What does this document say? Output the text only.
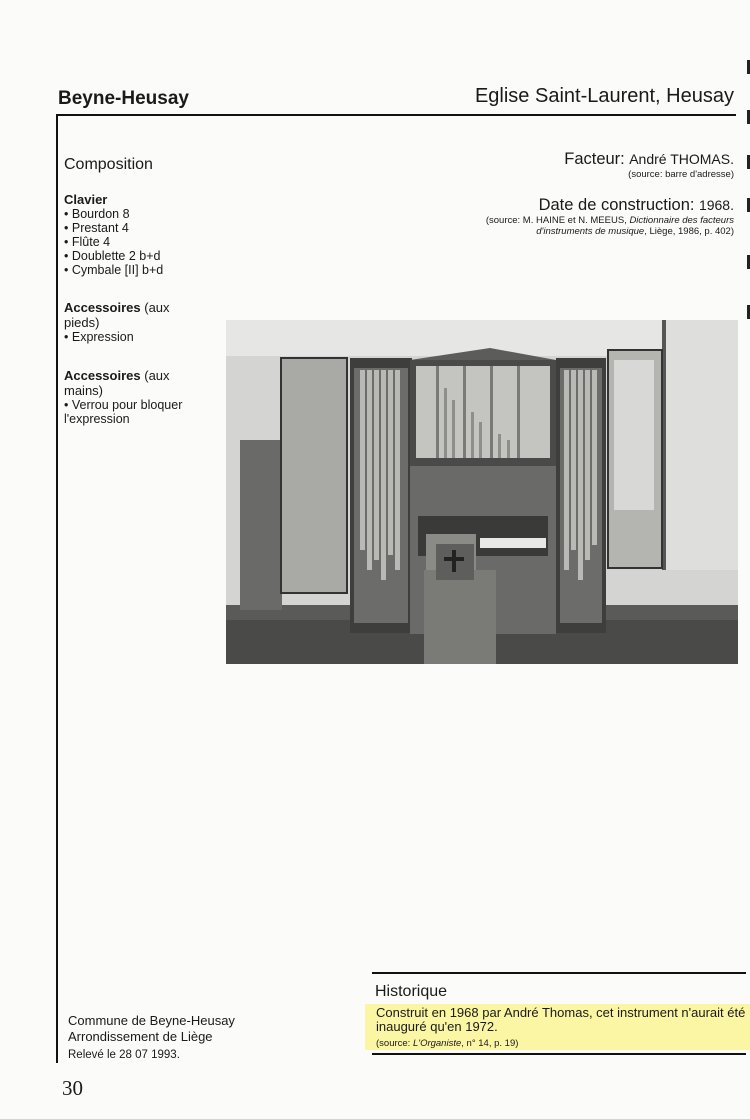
Beyne-Heusay	Eglise Saint-Laurent, Heusay
Composition
Clavier
• Bourdon 8
• Prestant 4
• Flûte 4
• Doublette 2 b+d
• Cymbale [II] b+d
Accessoires (aux pieds)
• Expression
Accessoires (aux mains)
• Verrou pour bloquer l'expression
Facteur: André THOMAS.
(source: barre d'adresse)
Date de construction: 1968.
(source: M. HAINE et N. MEEUS, Dictionnaire des facteurs
d'instruments de musique, Liège, 1986, p. 402)
Historique
Construit en 1968 par André Thomas, cet instrument n'aurait été inauguré qu'en 1972.
(source: L'Organiste, n° 14, p. 19)
Commune de Beyne-Heusay
Arrondissement de Liège
Relevé le 28 07 1993.
30
